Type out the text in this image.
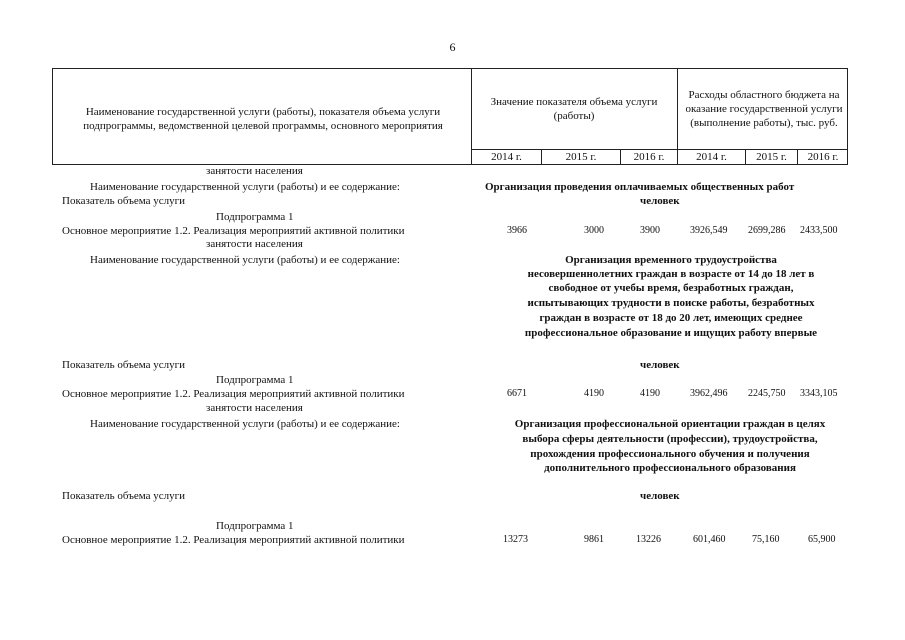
6
Наименование государственной услуги (работы), показателя объема услуги подпрограммы, ведомственной целевой программы, основного мероприятия
Значение показателя объема услуги (работы)
Расходы областного бюджета на оказание государственной услуги (выполнение работы), тыс. руб.
2014 г.	2015 г.	2016 г.	2014 г.	2015 г.	2016 г.
занятости населения
Наименование государственной услуги (работы) и ее содержание:	Организация проведения оплачиваемых общественных работ
Показатель объема услуги	человек
Подпрограмма 1
Основное мероприятие 1.2. Реализация мероприятий активной политики
занятости населения
3966	3000	3900	3926,549 2699,286 2433,500
Наименование государственной услуги (работы) и ее содержание:	Организация временного трудоустройства
несовершеннолетних граждан в возрасте от 14 до 18 лет в
свободное от учебы время, безработных граждан,
испытывающих трудности в поиске работы, безработных
граждан в возрасте от 18 до 20 лет, имеющих среднее
профессиональное образование и ищущих работу впервые
Показатель объема услуги	человек
Подпрограмма 1
Основное мероприятие 1.2. Реализация мероприятий активной политики
занятости населения
6671	4190	4190	3962,496 2245,750 3343,105
Наименование государственной услуги (работы) и ее содержание:	Организация профессиональной ориентации граждан в целях
выбора сферы деятельности (профессии), трудоустройства,
прохождения профессионального обучения и получения
дополнительного профессионального образования
Показатель объема услуги	человек
Подпрограмма 1
Основное мероприятие 1.2. Реализация мероприятий активной политики	13273	9861	13226	601,460	75,160	65,900
